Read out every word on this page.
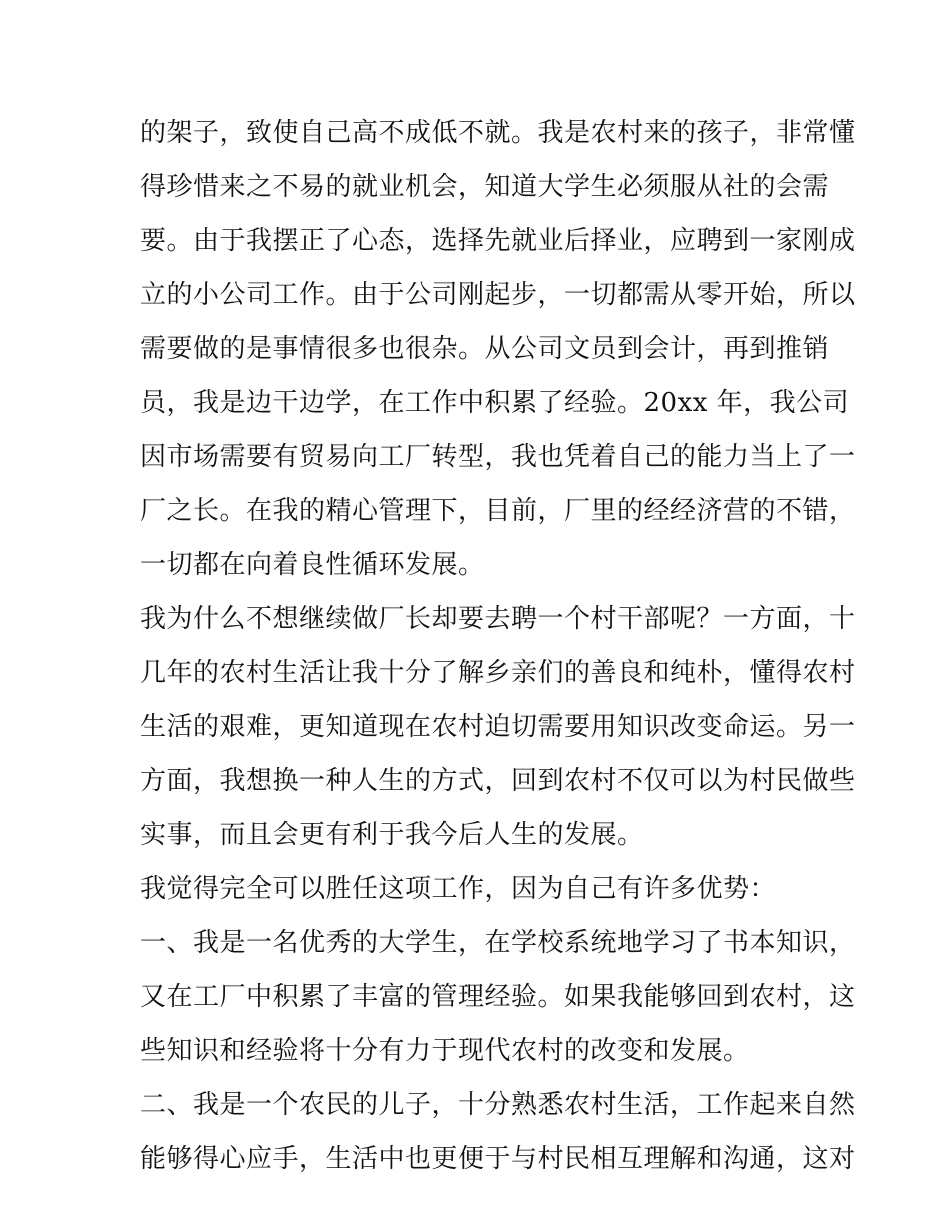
的架子，致使自己高不成低不就。我是农村来的孩子，非常懂
得珍惜来之不易的就业机会，知道大学生必须服从社的会需
要。由于我摆正了心态，选择先就业后择业，应聘到一家刚成
立的小公司工作。由于公司刚起步，一切都需从零开始，所以
需要做的是事情很多也很杂。从公司文员到会计，再到推销
员，我是边干边学，在工作中积累了经验。20xx 年，我公司
因市场需要有贸易向工厂转型，我也凭着自己的能力当上了一
厂之长。在我的精心管理下，目前，厂里的经经济营的不错，
一切都在向着良性循环发展。

我为什么不想继续做厂长却要去聘一个村干部呢？一方面，十
几年的农村生活让我十分了解乡亲们的善良和纯朴，懂得农村
生活的艰难，更知道现在农村迫切需要用知识改变命运。另一
方面，我想换一种人生的方式，回到农村不仅可以为村民做些
实事，而且会更有利于我今后人生的发展。

我觉得完全可以胜任这项工作，因为自己有许多优势：

一、我是一名优秀的大学生，在学校系统地学习了书本知识，
又在工厂中积累了丰富的管理经验。如果我能够回到农村，这
些知识和经验将十分有力于现代农村的改变和发展。

二、我是一个农民的儿子，十分熟悉农村生活，工作起来自然
能够得心应手，生活中也更便于与村民相互理解和沟通，这对
